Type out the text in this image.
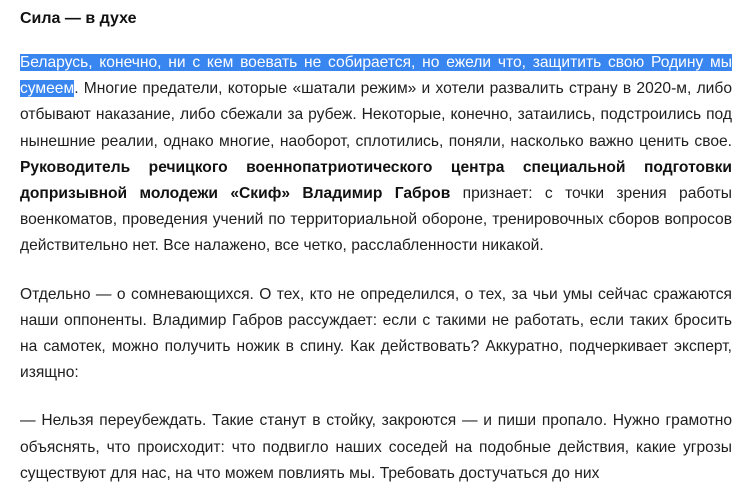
Сила — в духе

Беларусь, конечно, ни с кем воевать не собирается, но ежели что, защитить свою Родину мы сумеем. Многие предатели, которые «шатали режим» и хотели развалить страну в 2020-м, либо отбывают наказание, либо сбежали за рубеж. Некоторые, конечно, затаились, подстроились под нынешние реалии, однако многие, наоборот, сплотились, поняли, насколько важно ценить свое. Руководитель речицкого военнопатриотического центра специальной подготовки допризывной молодежи «Скиф» Владимир Габров признает: с точки зрения работы военкоматов, проведения учений по территориальной обороне, тренировочных сборов вопросов действительно нет. Все налажено, все четко, расслабленности никакой.

Отдельно — о сомневающихся. О тех, кто не определился, о тех, за чьи умы сейчас сражаются наши оппоненты. Владимир Габров рассуждает: если с такими не работать, если таких бросить на самотек, можно получить ножик в спину. Как действовать? Аккуратно, подчеркивает эксперт, изящно:

— Нельзя переубеждать. Такие станут в стойку, закроются — и пиши пропало. Нужно грамотно объяснять, что происходит: что подвигло наших соседей на подобные действия, какие угрозы существуют для нас, на что можем повлиять мы. Требовать достучаться до них
